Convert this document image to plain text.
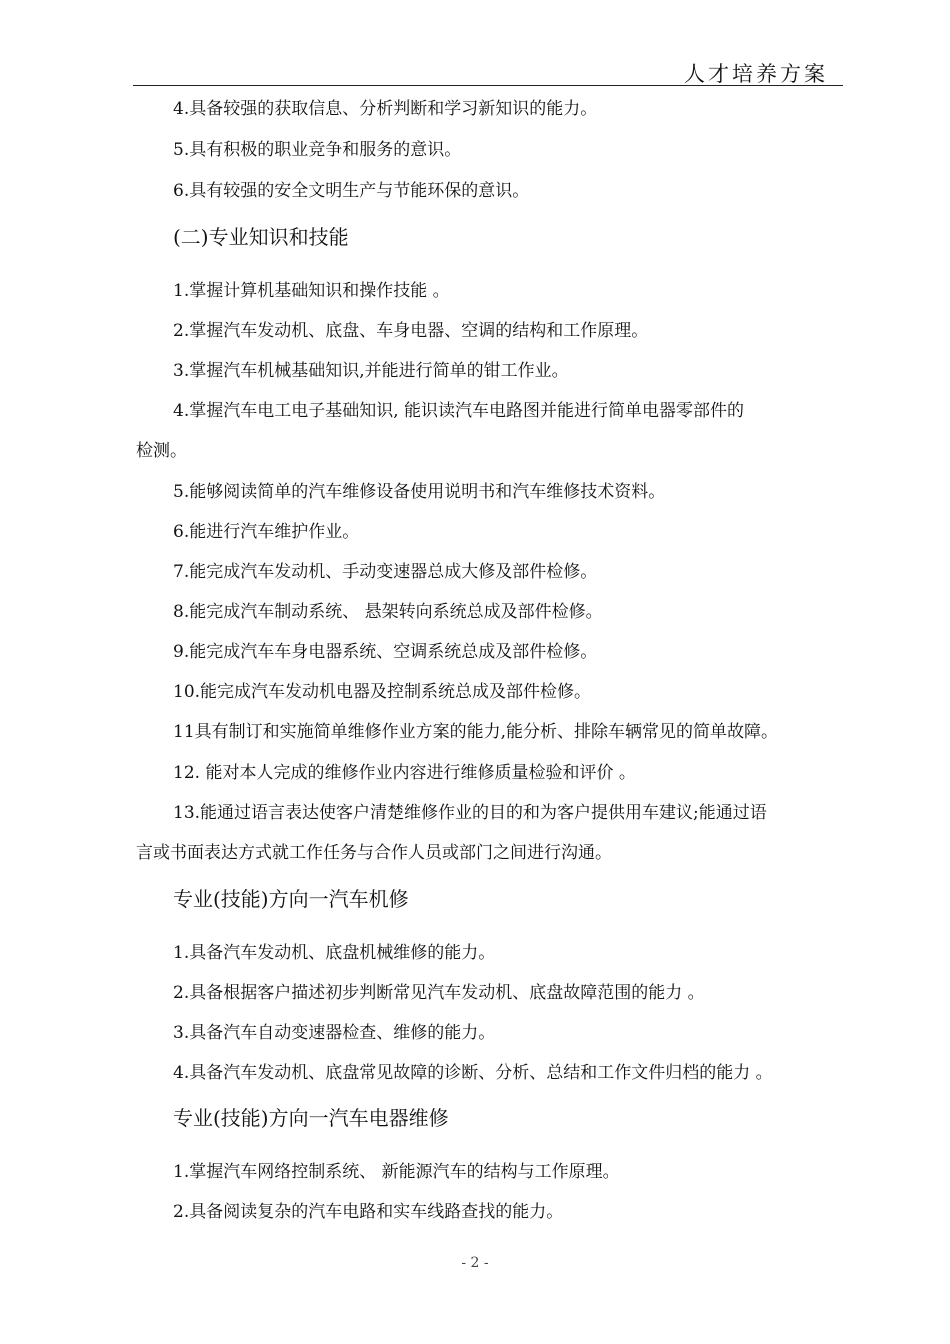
人才培养方案
4.具备较强的获取信息、分析判断和学习新知识的能力。
5.具有积极的职业竞争和服务的意识。
6.具有较强的安全文明生产与节能环保的意识。
(二)专业知识和技能
1.掌握计算机基础知识和操作技能 。
2.掌握汽车发动机、底盘、车身电器、空调的结构和工作原理。
3.掌握汽车机械基础知识,并能进行简单的钳工作业。
4.掌握汽车电工电子基础知识, 能识读汽车电路图并能进行简单电器零部件的
检测。
5.能够阅读简单的汽车维修设备使用说明书和汽车维修技术资料。
6.能进行汽车维护作业。
7.能完成汽车发动机、手动变速器总成大修及部件检修。
8.能完成汽车制动系统、 悬架转向系统总成及部件检修。
9.能完成汽车车身电器系统、空调系统总成及部件检修。
10.能完成汽车发动机电器及控制系统总成及部件检修。
11具有制订和实施简单维修作业方案的能力,能分析、排除车辆常见的简单故障。
12. 能对本人完成的维修作业内容进行维修质量检验和评价 。
13.能通过语言表达使客户清楚维修作业的目的和为客户提供用车建议;能通过语
言或书面表达方式就工作任务与合作人员或部门之间进行沟通。
专业(技能)方向一汽车机修
1.具备汽车发动机、底盘机械维修的能力。
2.具备根据客户描述初步判断常见汽车发动机、底盘故障范围的能力 。
3.具备汽车自动变速器检查、维修的能力。
4.具备汽车发动机、底盘常见故障的诊断、分析、总结和工作文件归档的能力 。
专业(技能)方向一汽车电器维修
1.掌握汽车网络控制系统、 新能源汽车的结构与工作原理。
2.具备阅读复杂的汽车电路和实车线路查找的能力。
- 2 -
